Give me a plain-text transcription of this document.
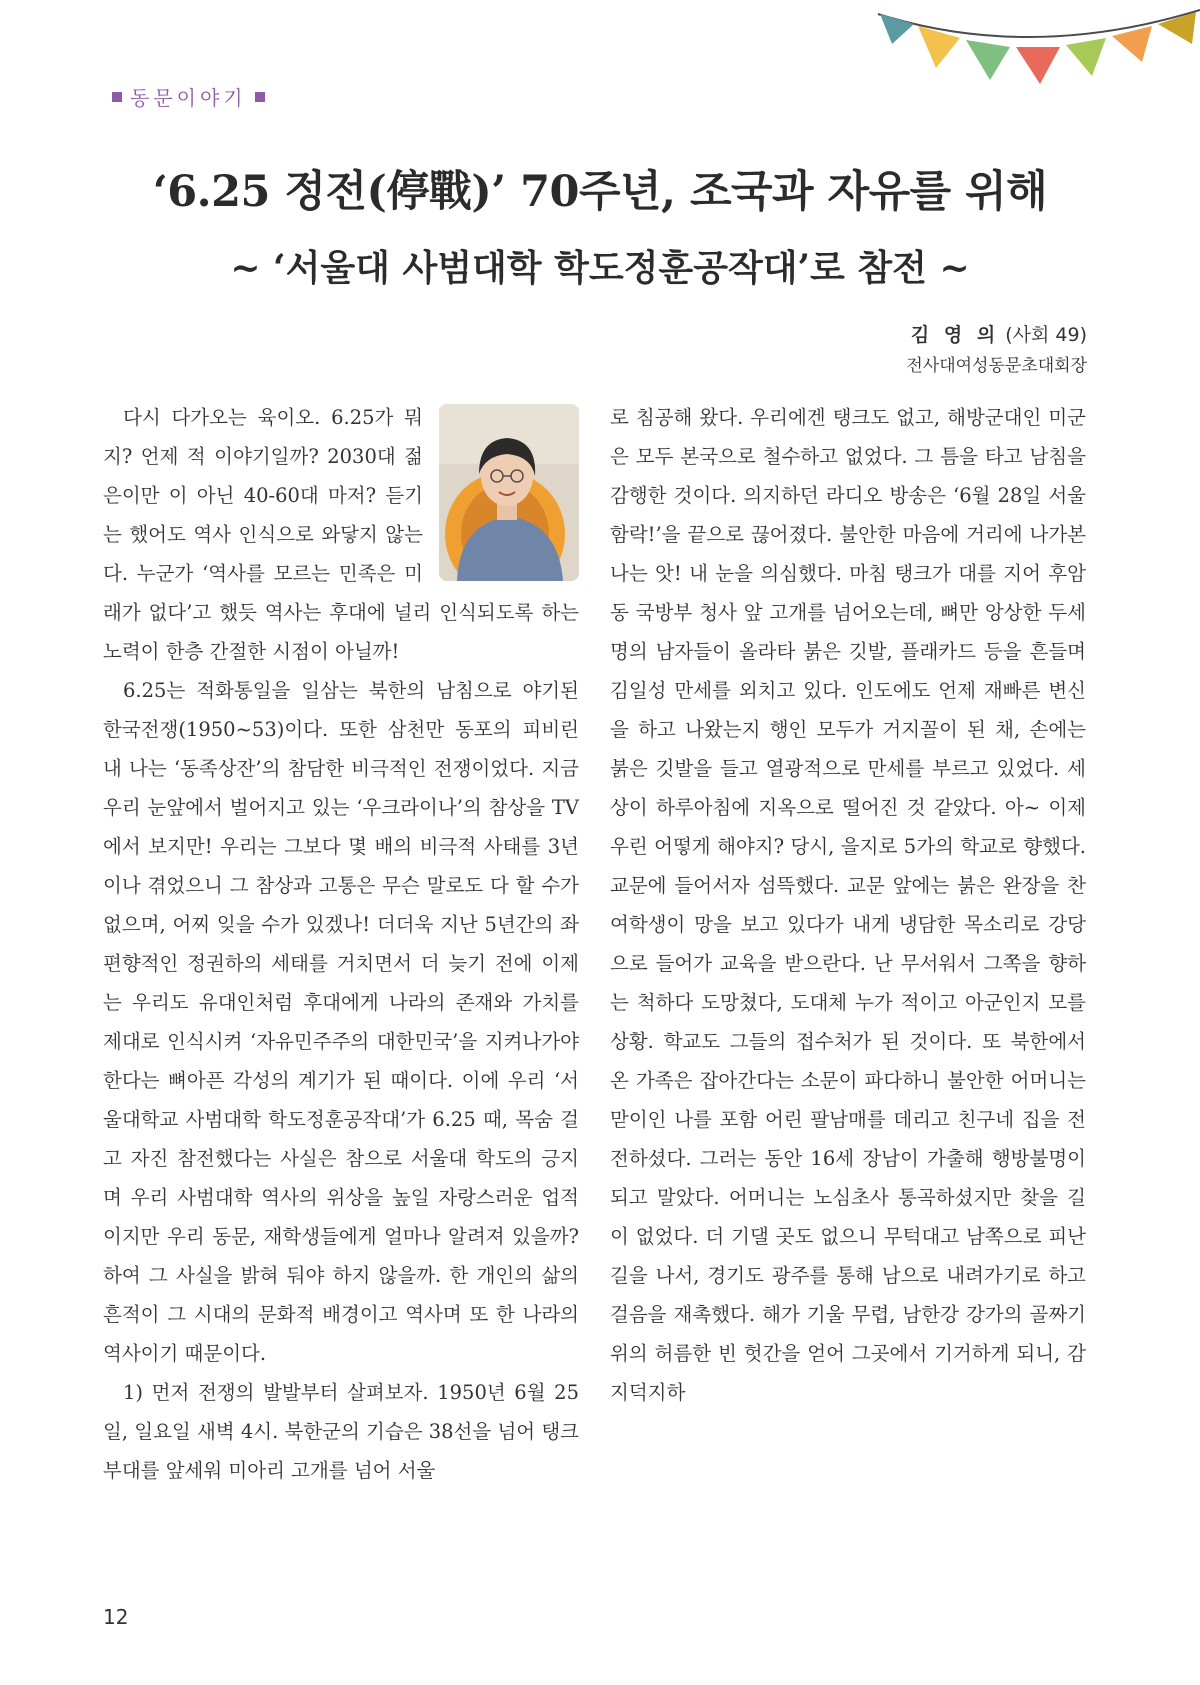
동문이야기
‘6.25 정전(停戰)’ 70주년, 조국과 자유를 위해
~ ‘서울대 사범대학 학도정훈공작대’로 참전 ~
김 영 의 (사회 49)
전사대여성동문초대회장

다시 다가오는 육이오. 6.25가 뭐지? 언제 적 이야기일까? 2030대 젊은이만 이 아닌 40-60대 마저? 듣기는 했어도 역사 인식으로 와닿지 않는다. 누군가 ‘역사를 모르는 민족은 미래가 없다’고 했듯 역사는 후대에 널리 인식되도록 하는 노력이 한층 간절한 시점이 아닐까!

6.25는 적화통일을 일삼는 북한의 남침으로 야기된 한국전쟁(1950~53)이다. 또한 삼천만 동포의 피비린내 나는 ‘동족상잔’의 참담한 비극적인 전쟁이었다. 지금 우리 눈앞에서 벌어지고 있는 ‘우크라이나’의 참상을 TV에서 보지만! 우리는 그보다 몇 배의 비극적 사태를 3년이나 겪었으니 그 참상과 고통은 무슨 말로도 다 할 수가 없으며, 어찌 잊을 수가 있겠나! 더더욱 지난 5년간의 좌편향적인 정권하의 세태를 거치면서 더 늦기 전에 이제는 우리도 유대인처럼 후대에게 나라의 존재와 가치를 제대로 인식시켜 ‘자유민주주의 대한민국’을 지켜나가야 한다는 뼈아픈 각성의 계기가 된 때이다. 이에 우리 ‘서울대학교 사범대학 학도정훈공작대’가 6.25 때, 목숨 걸고 자진 참전했다는 사실은 참으로 서울대 학도의 긍지며 우리 사범대학 역사의 위상을 높일 자랑스러운 업적이지만 우리 동문, 재학생들에게 얼마나 알려져 있을까? 하여 그 사실을 밝혀 둬야 하지 않을까. 한 개인의 삶의 흔적이 그 시대의 문화적 배경이고 역사며 또 한 나라의 역사이기 때문이다.

1) 먼저 전쟁의 발발부터 살펴보자. 1950년 6월 25일, 일요일 새벽 4시. 북한군의 기습은 38선을 넘어 탱크부대를 앞세워 미아리 고개를 넘어 서울

로 침공해 왔다. 우리에겐 탱크도 없고, 해방군대인 미군은 모두 본국으로 철수하고 없었다. 그 틈을 타고 남침을 감행한 것이다. 의지하던 라디오 방송은 ‘6월 28일 서울 함락!’을 끝으로 끊어졌다. 불안한 마음에 거리에 나가본 나는 앗! 내 눈을 의심했다. 마침 탱크가 대를 지어 후암동 국방부 청사 앞 고개를 넘어오는데, 뼈만 앙상한 두세 명의 남자들이 올라타 붉은 깃발, 플래카드 등을 흔들며 김일성 만세를 외치고 있다. 인도에도 언제 재빠른 변신을 하고 나왔는지 행인 모두가 거지꼴이 된 채, 손에는 붉은 깃발을 들고 열광적으로 만세를 부르고 있었다. 세상이 하루아침에 지옥으로 떨어진 것 같았다. 아~ 이제 우린 어떻게 해야지? 당시, 을지로 5가의 학교로 향했다. 교문에 들어서자 섬뜩했다. 교문 앞에는 붉은 완장을 찬 여학생이 망을 보고 있다가 내게 냉담한 목소리로 강당으로 들어가 교육을 받으란다. 난 무서워서 그쪽을 향하는 척하다 도망쳤다, 도대체 누가 적이고 아군인지 모를 상황. 학교도 그들의 접수처가 된 것이다. 또 북한에서 온 가족은 잡아간다는 소문이 파다하니 불안한 어머니는 맏이인 나를 포함 어린 팔남매를 데리고 친구네 집을 전전하셨다. 그러는 동안 16세 장남이 가출해 행방불명이 되고 말았다. 어머니는 노심초사 통곡하셨지만 찾을 길이 없었다. 더 기댈 곳도 없으니 무턱대고 남쪽으로 피난길을 나서, 경기도 광주를 통해 남으로 내려가기로 하고 걸음을 재촉했다. 해가 기울 무렵, 남한강 강가의 골짜기 위의 허름한 빈 헛간을 얻어 그곳에서 기거하게 되니, 감지덕지하

12
